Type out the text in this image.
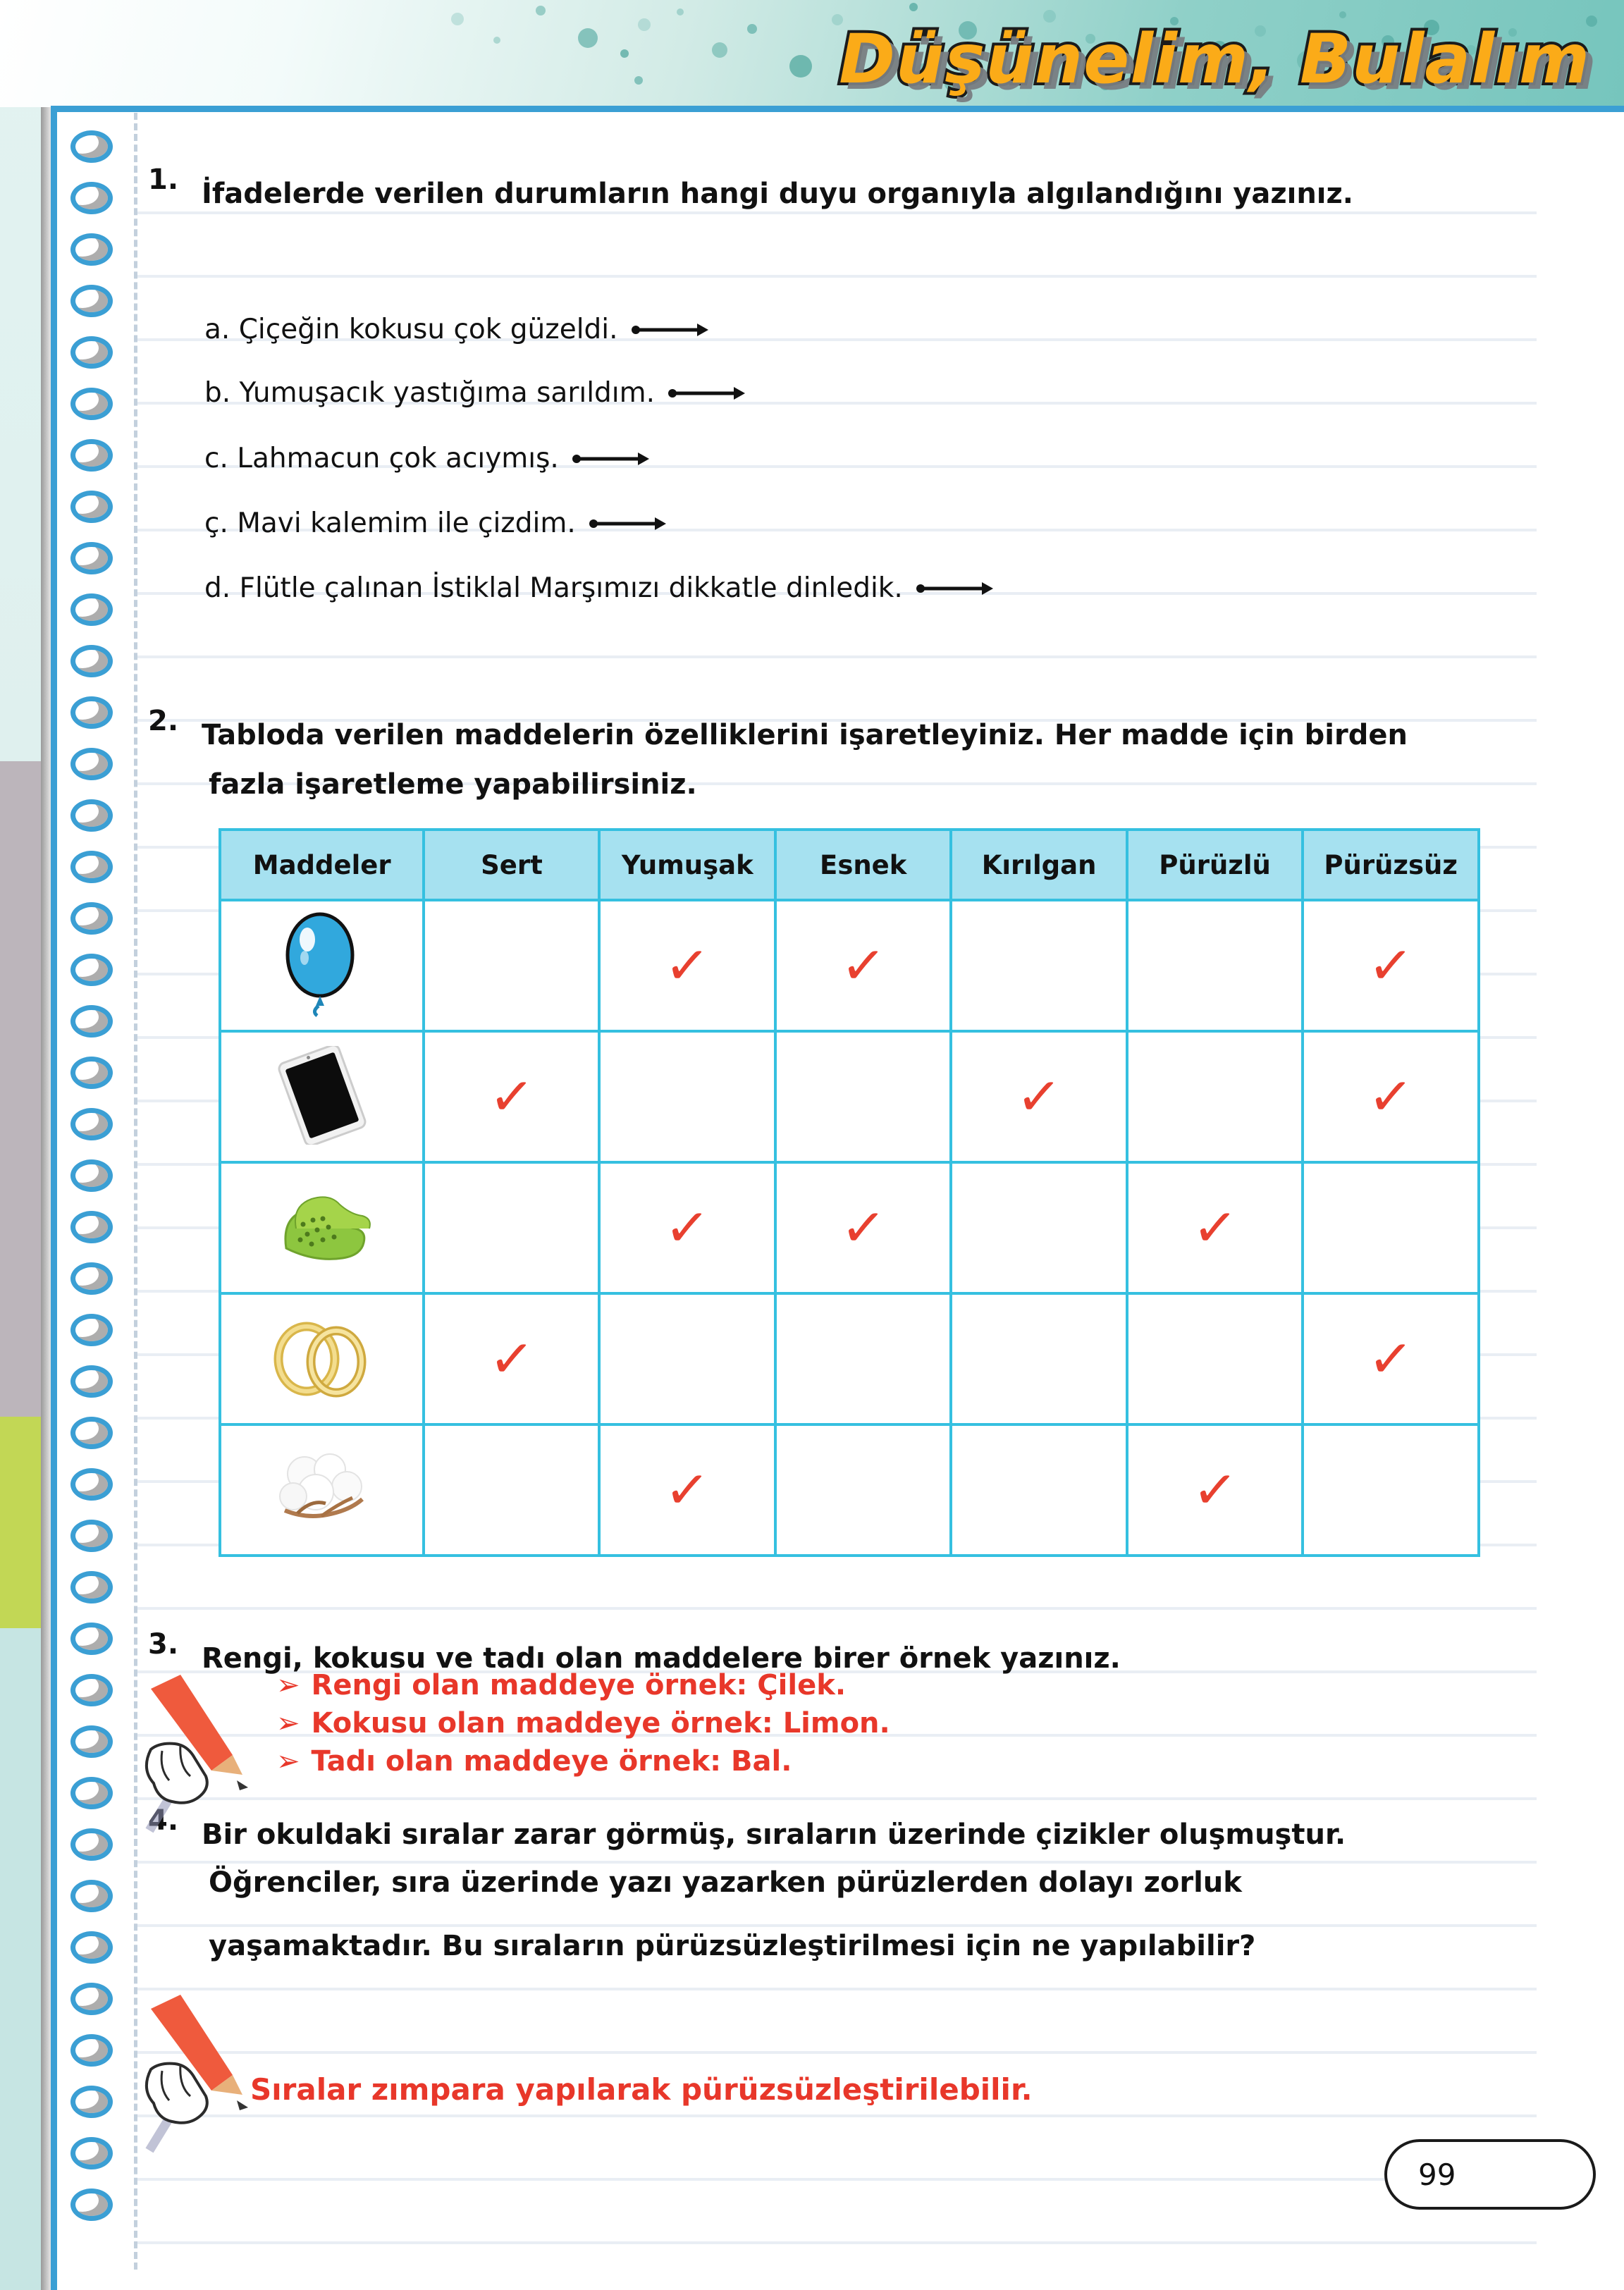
Düşünelim, Bulalım
1. İfadelerde verilen durumların hangi duyu organıyla algılandığını yazınız.
a. Çiçeğin kokusu çok güzeldi.
b. Yumuşacık yastığıma sarıldım.
c. Lahmacun çok acıymış.
ç. Mavi kalemim ile çizdim.
d. Flütle çalınan İstiklal Marşımızı dikkatle dinledik.
2. Tabloda verilen maddelerin özelliklerini işaretleyiniz. Her madde için birden
fazla işaretleme yapabilirsiniz.
Maddeler	Sert	Yumuşak	Esnek	Kırılgan	Pürüzlü	Pürüzsüz
		✓	✓			✓
	✓			✓		✓
		✓	✓		✓	
	✓					✓
		✓			✓	
3. Rengi, kokusu ve tadı olan maddelere birer örnek yazınız.
➢ Rengi olan maddeye örnek: Çilek.
➢ Kokusu olan maddeye örnek: Limon.
➢ Tadı olan maddeye örnek: Bal.
4. Bir okuldaki sıralar zarar görmüş, sıraların üzerinde çizikler oluşmuştur.
Öğrenciler, sıra üzerinde yazı yazarken pürüzlerden dolayı zorluk
yaşamaktadır. Bu sıraların pürüzsüzleştirilmesi için ne yapılabilir?
Sıralar zımpara yapılarak pürüzsüzleştirilebilir.
99
